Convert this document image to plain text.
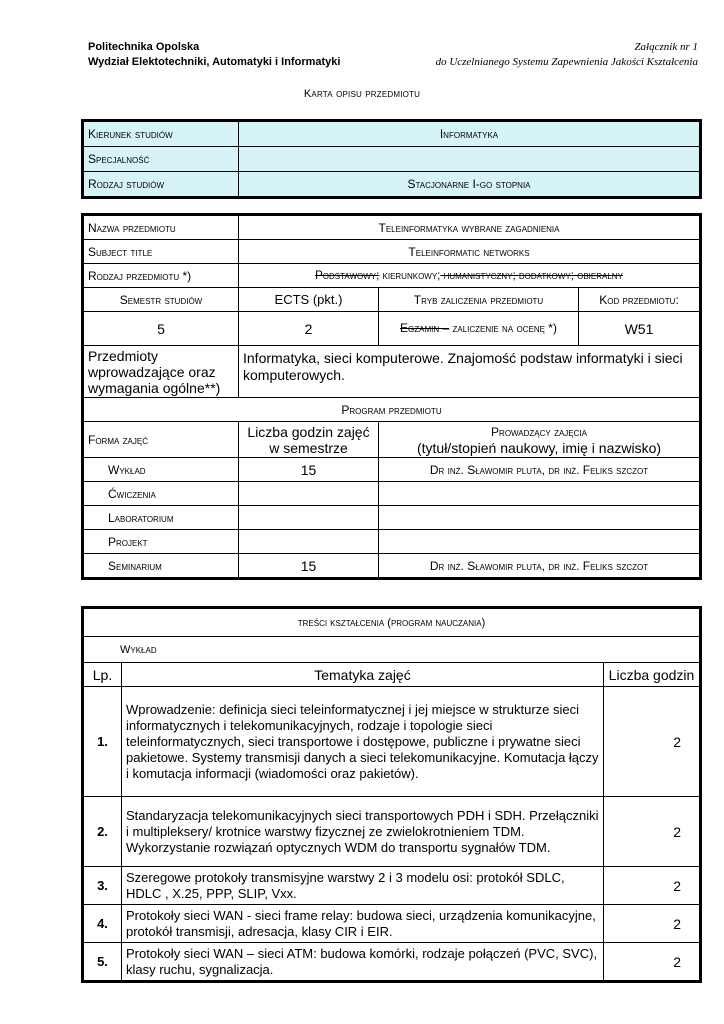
Politechnika Opolska
Wydział Elektotechniki, Automatyki i Informatyki
Załącznik nr 1
do Uczelnianego Systemu Zapewnienia Jakości Kształcenia
Karta opisu przedmiotu
Kierunek studiów	Informatyka
Specjalność	
Rodzaj studiów	Stacjonarne I-go stopnia
Nazwa przedmiotu	Teleinformatyka wybrane zagadnienia		
Subject title	Teleinformatic networks		
Rodzaj przedmiotu *)	Podstawowy; kierunkowy; humanistyczny; dodatkowy; obieralny		
Semestr studiów	ECTS (pkt.)	Tryb zaliczenia przedmiotu	Kod przedmiotu:
5	2	Egzamin – zaliczenie na ocenę *)	W51
Przedmioty wprowadzające oraz wymagania ogólne**)	Informatyka, sieci komputerowe. Znajomość podstaw informatyki i sieci komputerowych.		
Program przedmiotu			
Forma zajęć	Liczba godzin zajęć w semestrze	Prowadzący zajęcia
(tytuł/stopień naukowy, imię i nazwisko)	

Wykład	15	Dr inż. Sławomir pluta, dr inż. Feliks szczot	
Ćwiczenia			
Laboratorium			
Projekt			
Seminarium	15	Dr inż. Sławomir pluta, dr inż. Feliks szczot	
treści kształcenia (program nauczania)		
Wykład		
Lp.	Tematyka zajęć	Liczba godzin
1.	Wprowadzenie: definicja sieci teleinformatycznej i jej miejsce w strukturze sieci informatycznych i telekomunikacyjnych, rodzaje i topologie sieci teleinformatycznych, sieci transportowe i dostępowe, publiczne i prywatne sieci pakietowe. Systemy transmisji danych a sieci telekomunikacyjne. Komutacja łączy i komutacja informacji (wiadomości oraz pakietów).	2
2.	Standaryzacja telekomunikacyjnych sieci transportowych PDH i SDH. Przełączniki i multipleksery/ krotnice warstwy fizycznej ze zwielokrotnieniem TDM. Wykorzystanie rozwiązań optycznych WDM do transportu sygnałów TDM.	2
3.	Szeregowe protokoły transmisyjne warstwy 2 i 3 modelu osi: protokół SDLC, HDLC , X.25, PPP, SLIP, Vxx.	2
4.	Protokoły sieci WAN - sieci frame relay: budowa sieci, urządzenia komunikacyjne, protokół transmisji, adresacja, klasy CIR i EIR.	2
5.	Protokoły sieci WAN – sieci ATM: budowa komórki, rodzaje połączeń (PVC, SVC), klasy ruchu, sygnalizacja.	2
